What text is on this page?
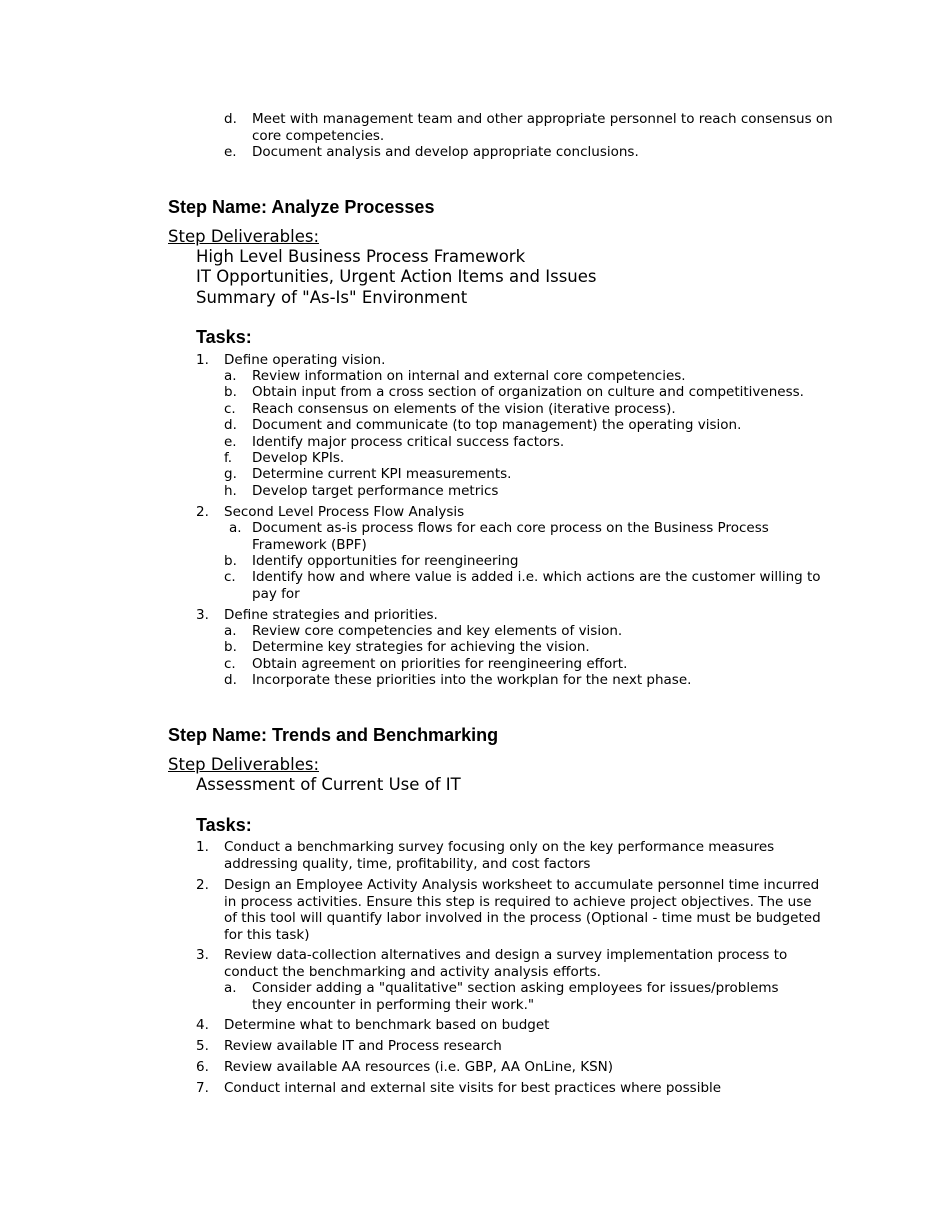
d. Meet with management team and other appropriate personnel to reach consensus on core competencies.
e. Document analysis and develop appropriate conclusions.
Step Name: Analyze Processes
Step Deliverables:
High Level Business Process Framework
IT Opportunities, Urgent Action Items and Issues
Summary of "As-Is" Environment
Tasks:
1. Define operating vision.
a. Review information on internal and external core competencies.
b. Obtain input from a cross section of organization on culture and competitiveness.
c. Reach consensus on elements of the vision (iterative process).
d. Document and communicate (to top management) the operating vision.
e. Identify major process critical success factors.
f. Develop KPIs.
g. Determine current KPI measurements.
h. Develop target performance metrics
2. Second Level Process Flow Analysis
a. Document as-is process flows for each core process on the Business Process Framework (BPF)
b. Identify opportunities for reengineering
c. Identify how and where value is added i.e. which actions are the customer willing to pay for
3. Define strategies and priorities.
a. Review core competencies and key elements of vision.
b. Determine key strategies for achieving the vision.
c. Obtain agreement on priorities for reengineering effort.
d. Incorporate these priorities into the workplan for the next phase.
Step Name: Trends and Benchmarking
Step Deliverables:
Assessment of Current Use of IT
Tasks:
1. Conduct a benchmarking survey focusing only on the key performance measures addressing quality, time, profitability, and cost factors
2. Design an Employee Activity Analysis worksheet to accumulate personnel time incurred in process activities. Ensure this step is required to achieve project objectives. The use of this tool will quantify labor involved in the process (Optional - time must be budgeted for this task)
3. Review data-collection alternatives and design a survey implementation process to conduct the benchmarking and activity analysis efforts.
a. Consider adding a "qualitative" section asking employees for issues/problems they encounter in performing their work."
4. Determine what to benchmark based on budget
5. Review available IT and Process research
6. Review available AA resources (i.e. GBP, AA OnLine, KSN)
7. Conduct internal and external site visits for best practices where possible
